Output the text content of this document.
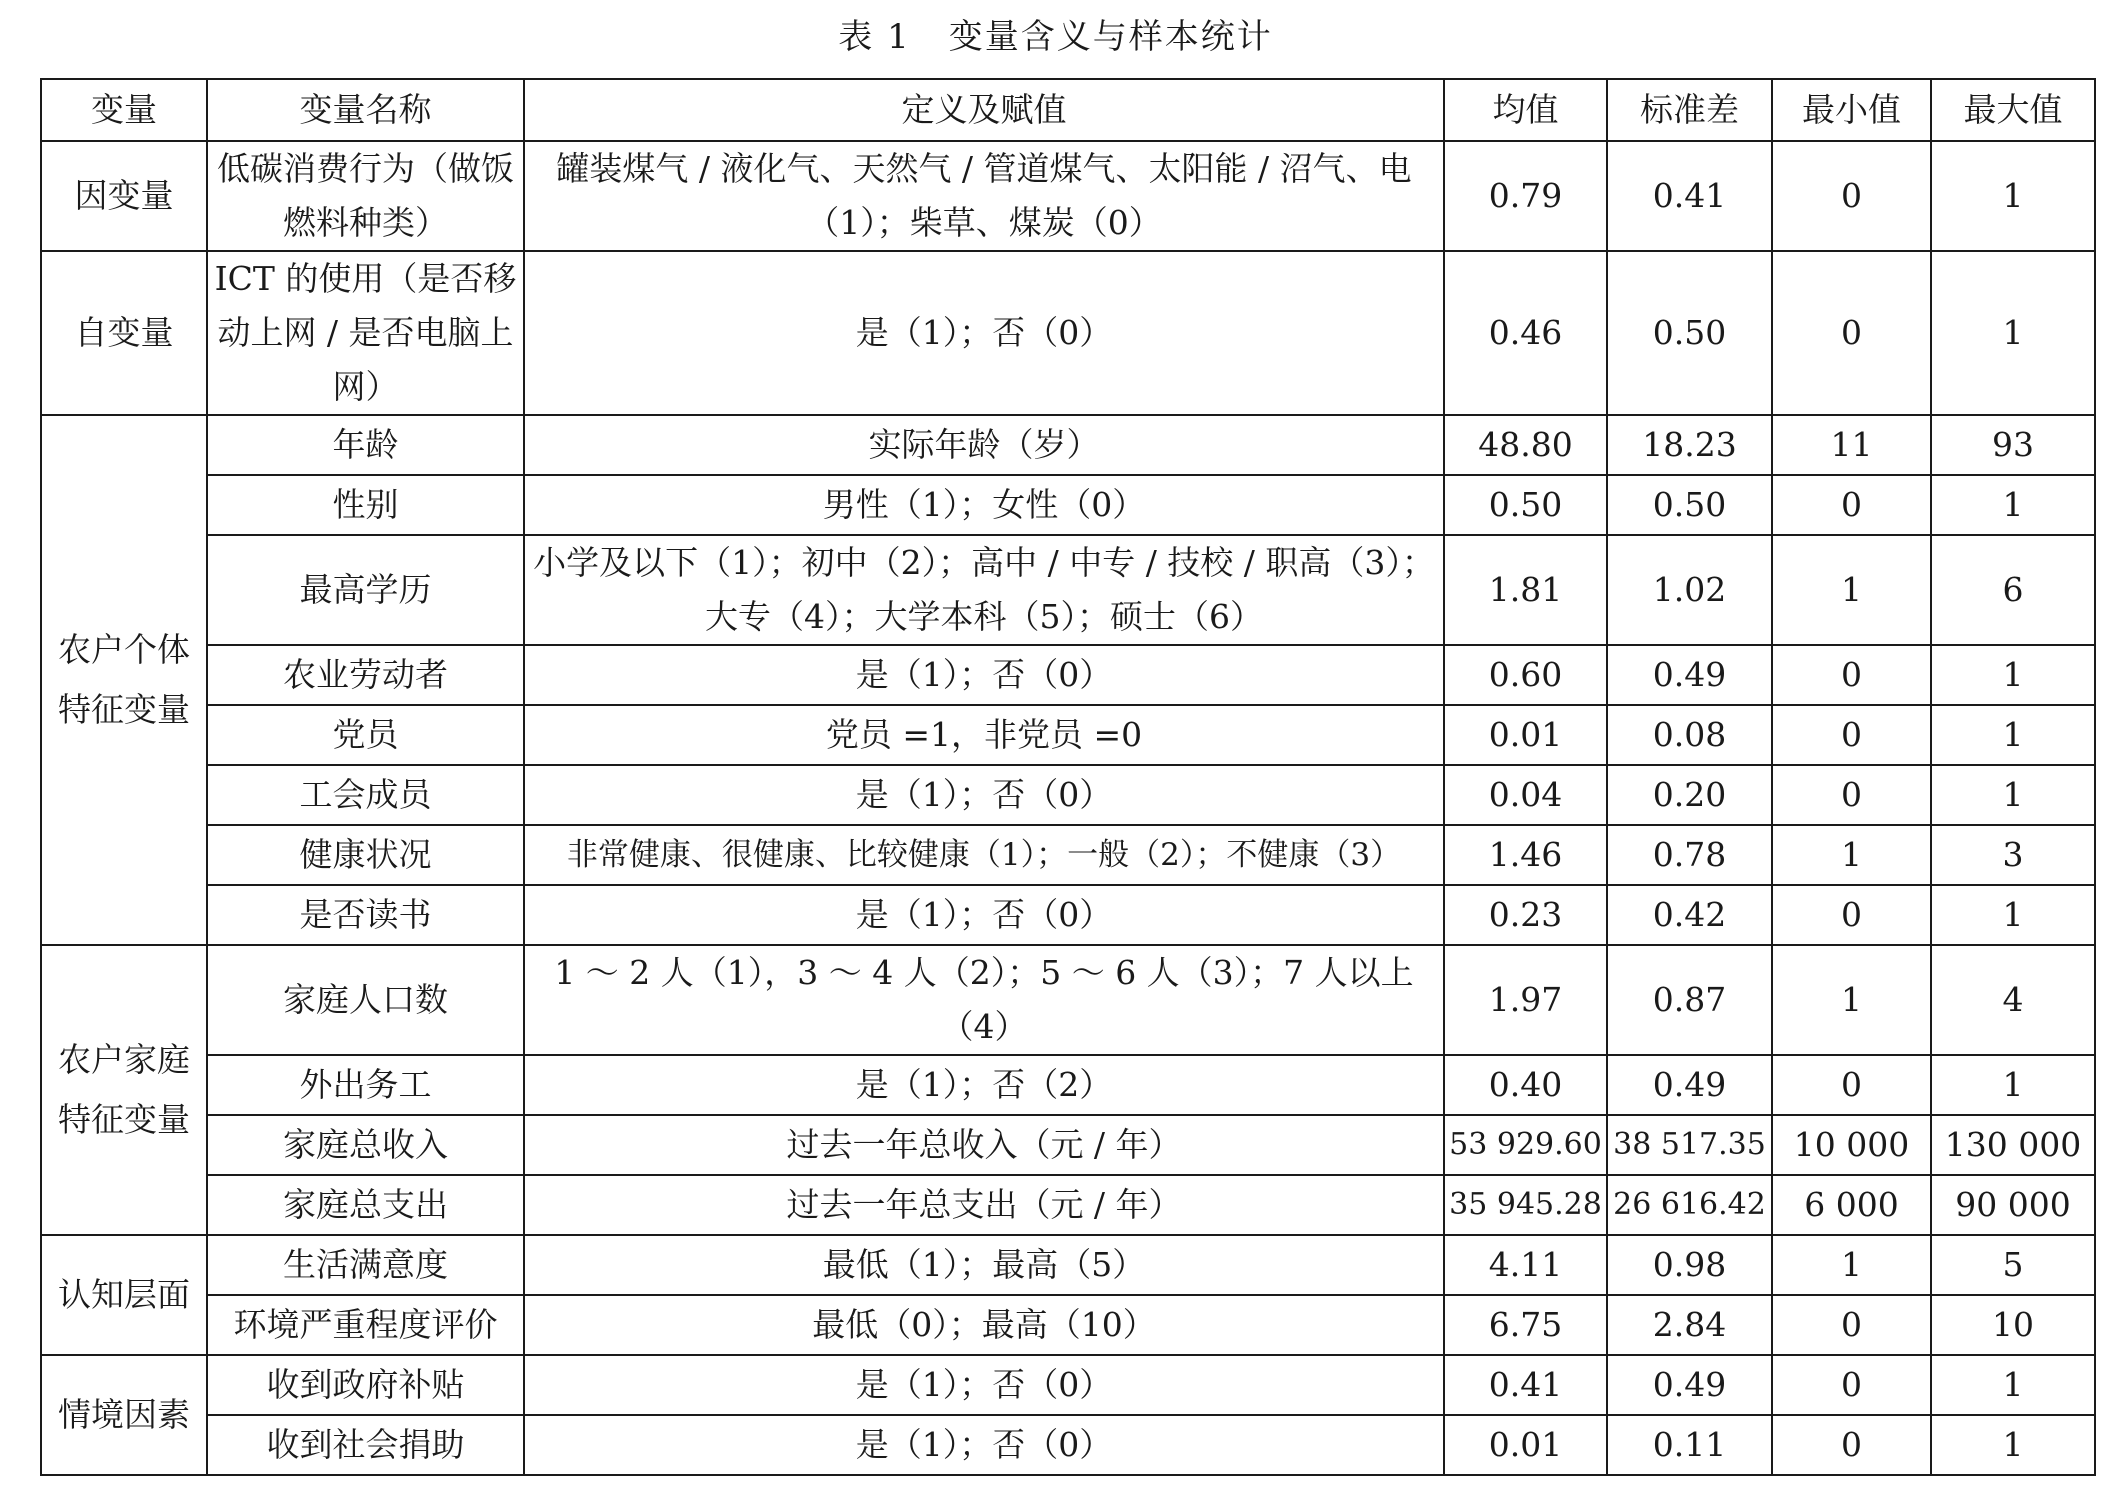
表 1 变量含义与样本统计
变量	变量名称	定义及赋值	均值	标准差	最小值	最大值
因变量	低碳消费行为（做饭燃料种类）	罐装煤气 / 液化气、天然气 / 管道煤气、太阳能 / 沼气、电（1）；柴草、煤炭（0）	0.79	0.41	0	1
自变量	ICT 的使用（是否移动上网 / 是否电脑上网）	是（1）；否（0）	0.46	0.50	0	1
农户个体特征变量	年龄	实际年龄（岁）	48.80	18.23	11	93
	性别	男性（1）；女性（0）	0.50	0.50	0	1
	最高学历	小学及以下（1）；初中（2）；高中 / 中专 / 技校 / 职高（3）；大专（4）；大学本科（5）；硕士（6）	1.81	1.02	1	6
	农业劳动者	是（1）；否（0）	0.60	0.49	0	1
	党员	党员 =1，非党员 =0	0.01	0.08	0	1
	工会成员	是（1）；否（0）	0.04	0.20	0	1
	健康状况	非常健康、很健康、比较健康（1）；一般（2）；不健康（3）	1.46	0.78	1	3
	是否读书	是（1）；否（0）	0.23	0.42	0	1
农户家庭特征变量	家庭人口数	1 ～ 2 人（1），3 ～ 4 人（2）；5 ～ 6 人（3）；7 人以上（4）	1.97	0.87	1	4
	外出务工	是（1）；否（2）	0.40	0.49	0	1
	家庭总收入	过去一年总收入（元 / 年）	53 929.60	38 517.35	10 000	130 000
	家庭总支出	过去一年总支出（元 / 年）	35 945.28	26 616.42	6 000	90 000
认知层面	生活满意度	最低（1）；最高（5）	4.11	0.98	1	5
	环境严重程度评价	最低（0）；最高（10）	6.75	2.84	0	10
情境因素	收到政府补贴	是（1）；否（0）	0.41	0.49	0	1
	收到社会捐助	是（1）；否（0）	0.01	0.11	0	1
